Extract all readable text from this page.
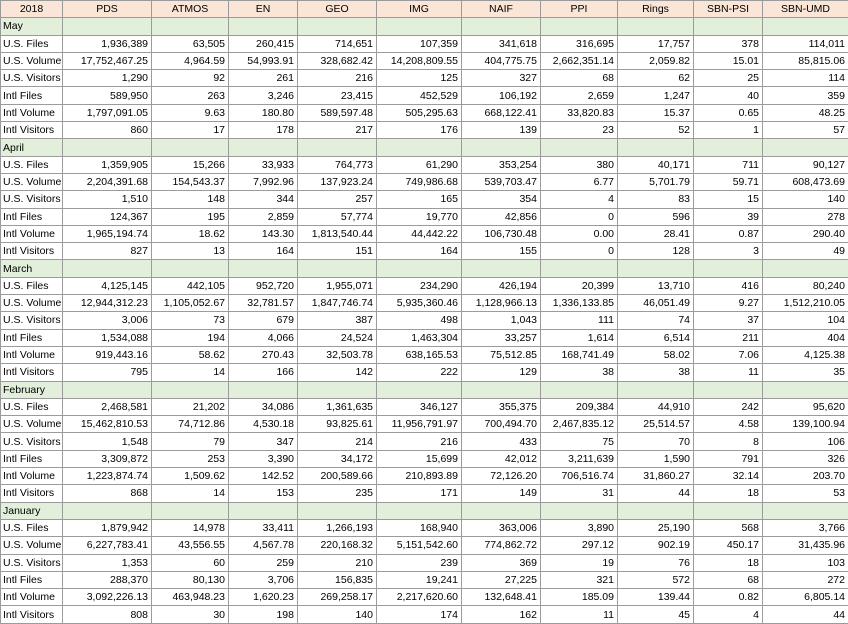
2018	PDS	ATMOS	EN	GEO	IMG	NAIF	PPI	Rings	SBN-PSI	SBN-UMD
May										
U.S. Files	1,936,389	63,505	260,415	714,651	107,359	341,618	316,695	17,757	378	114,011
U.S. Volume	17,752,467.25	4,964.59	54,993.91	328,682.42	14,208,809.55	404,775.75	2,662,351.14	2,059.82	15.01	85,815.06
U.S. Visitors	1,290	92	261	216	125	327	68	62	25	114
Intl Files	589,950	263	3,246	23,415	452,529	106,192	2,659	1,247	40	359
Intl Volume	1,797,091.05	9.63	180.80	589,597.48	505,295.63	668,122.41	33,820.83	15.37	0.65	48.25
Intl Visitors	860	17	178	217	176	139	23	52	1	57
April										
U.S. Files	1,359,905	15,266	33,933	764,773	61,290	353,254	380	40,171	711	90,127
U.S. Volume	2,204,391.68	154,543.37	7,992.96	137,923.24	749,986.68	539,703.47	6.77	5,701.79	59.71	608,473.69
U.S. Visitors	1,510	148	344	257	165	354	4	83	15	140
Intl Files	124,367	195	2,859	57,774	19,770	42,856	0	596	39	278
Intl Volume	1,965,194.74	18.62	143.30	1,813,540.44	44,442.22	106,730.48	0.00	28.41	0.87	290.40
Intl Visitors	827	13	164	151	164	155	0	128	3	49
March										
U.S. Files	4,125,145	442,105	952,720	1,955,071	234,290	426,194	20,399	13,710	416	80,240
U.S. Volume	12,944,312.23	1,105,052.67	32,781.57	1,847,746.74	5,935,360.46	1,128,966.13	1,336,133.85	46,051.49	9.27	1,512,210.05
U.S. Visitors	3,006	73	679	387	498	1,043	111	74	37	104
Intl Files	1,534,088	194	4,066	24,524	1,463,304	33,257	1,614	6,514	211	404
Intl Volume	919,443.16	58.62	270.43	32,503.78	638,165.53	75,512.85	168,741.49	58.02	7.06	4,125.38
Intl Visitors	795	14	166	142	222	129	38	38	11	35
February										
U.S. Files	2,468,581	21,202	34,086	1,361,635	346,127	355,375	209,384	44,910	242	95,620
U.S. Volume	15,462,810.53	74,712.86	4,530.18	93,825.61	11,956,791.97	700,494.70	2,467,835.12	25,514.57	4.58	139,100.94
U.S. Visitors	1,548	79	347	214	216	433	75	70	8	106
Intl Files	3,309,872	253	3,390	34,172	15,699	42,012	3,211,639	1,590	791	326
Intl Volume	1,223,874.74	1,509.62	142.52	200,589.66	210,893.89	72,126.20	706,516.74	31,860.27	32.14	203.70
Intl Visitors	868	14	153	235	171	149	31	44	18	53
January										
U.S. Files	1,879,942	14,978	33,411	1,266,193	168,940	363,006	3,890	25,190	568	3,766
U.S. Volume	6,227,783.41	43,556.55	4,567.78	220,168.32	5,151,542.60	774,862.72	297.12	902.19	450.17	31,435.96
U.S. Visitors	1,353	60	259	210	239	369	19	76	18	103
Intl Files	288,370	80,130	3,706	156,835	19,241	27,225	321	572	68	272
Intl Volume	3,092,226.13	463,948.23	1,620.23	269,258.17	2,217,620.60	132,648.41	185.09	139.44	0.82	6,805.14
Intl Visitors	808	30	198	140	174	162	11	45	4	44
